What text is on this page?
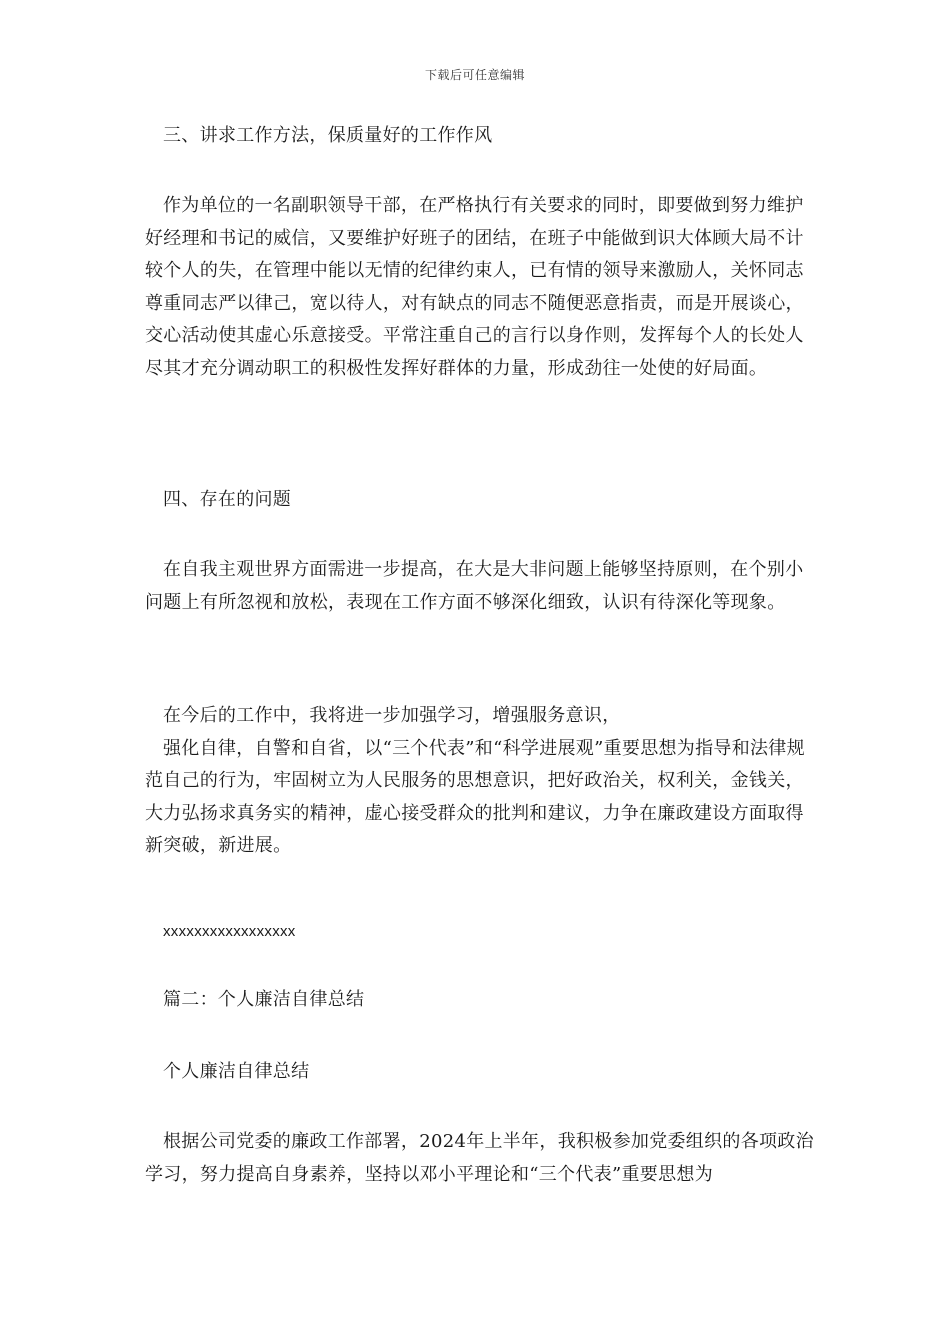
下载后可任意编辑

三、讲求工作方法，保质量好的工作作风

作为单位的一名副职领导干部，在严格执行有关要求的同时，即要做到努力维护好经理和书记的威信，又要维护好班子的团结，在班子中能做到识大体顾大局不计较个人的失，在管理中能以无情的纪律约束人，已有情的领导来激励人，关怀同志尊重同志严以律己，宽以待人，对有缺点的同志不随便恶意指责，而是开展谈心，交心活动使其虚心乐意接受。平常注重自己的言行以身作则，发挥每个人的长处人尽其才充分调动职工的积极性发挥好群体的力量，形成劲往一处使的好局面。

四、存在的问题

在自我主观世界方面需进一步提高，在大是大非问题上能够坚持原则，在个别小问题上有所忽视和放松，表现在工作方面不够深化细致，认识有待深化等现象。

在今后的工作中，我将进一步加强学习，增强服务意识，

强化自律，自警和自省，以“三个代表”和“科学进展观”重要思想为指导和法律规范自己的行为，牢固树立为人民服务的思想意识，把好政治关，权利关，金钱关，大力弘扬求真务实的精神，虚心接受群众的批判和建议，力争在廉政建设方面取得新突破，新进展。

xxxxxxxxxxxxxxxxx

篇二：个人廉洁自律总结

个人廉洁自律总结

根据公司党委的廉政工作部署，2024年上半年，我积极参加党委组织的各项政治学习，努力提高自身素养，坚持以邓小平理论和“三个代表”重要思想为
